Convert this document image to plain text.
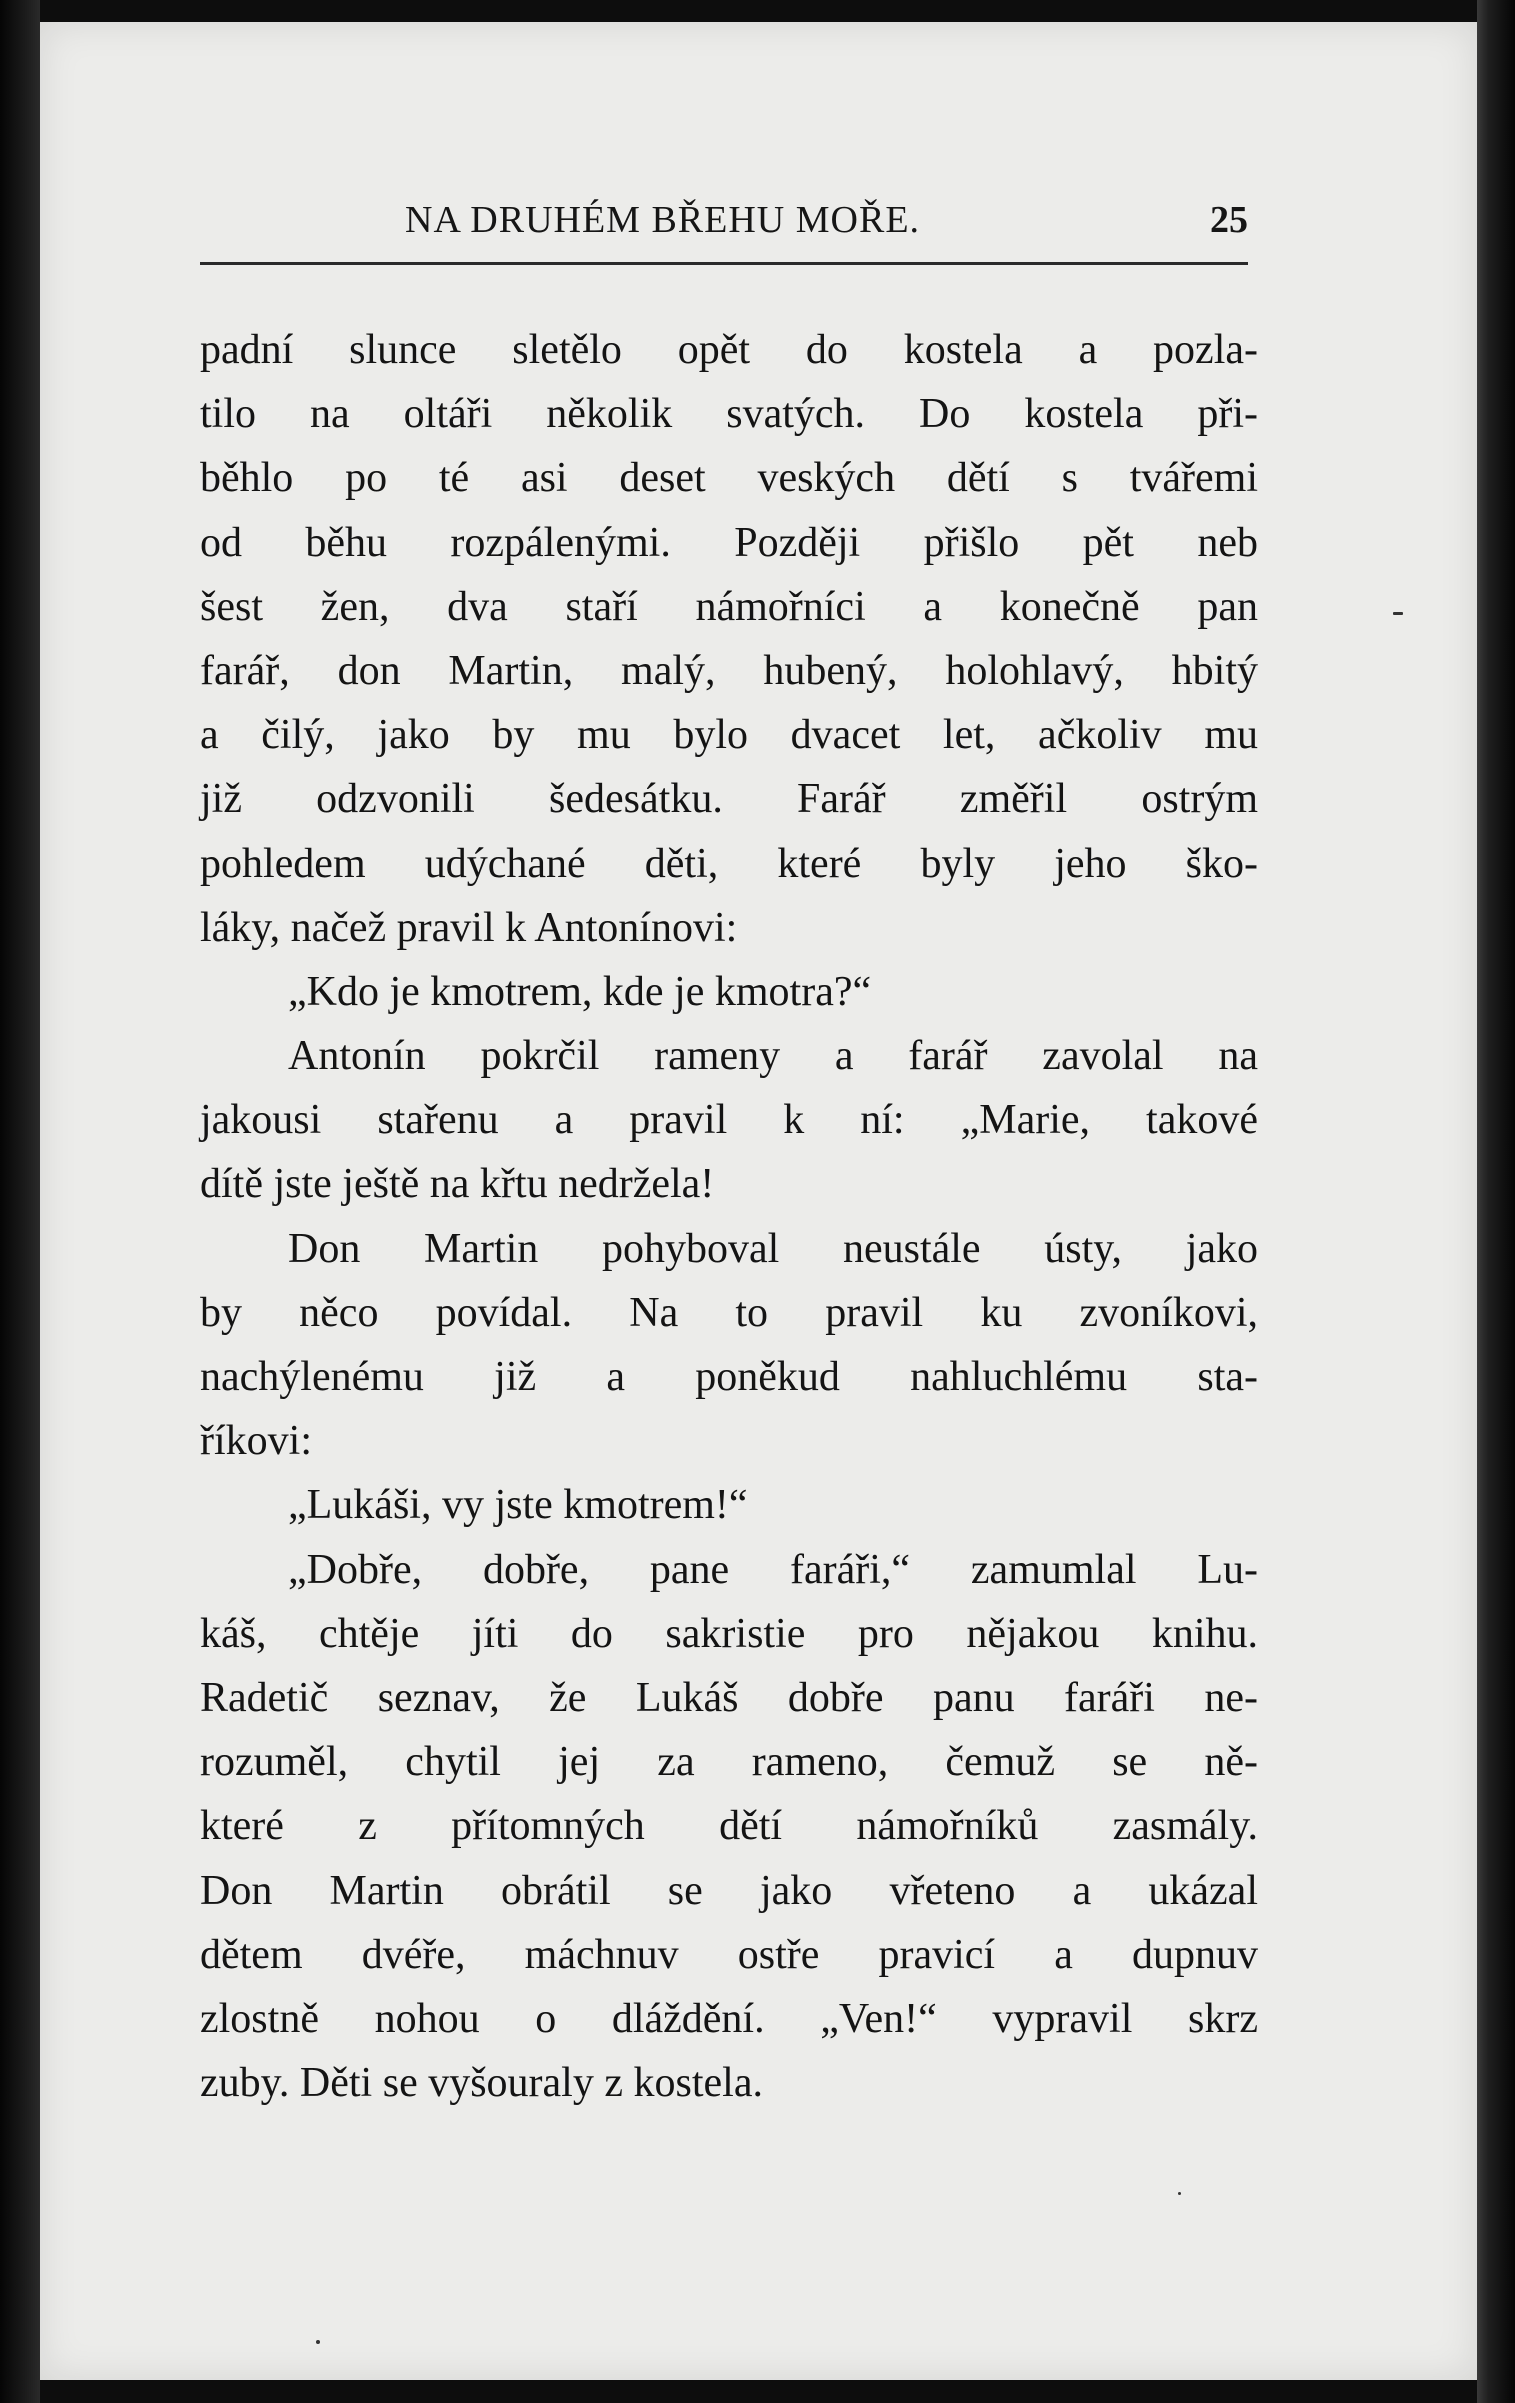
NA DRUHÉM BŘEHU MOŘE.	25
padní slunce sletělo opět do kostela a pozla-
tilo na oltáři několik svatých. Do kostela při-
běhlo po té asi deset veských dětí s tvářemi
od běhu rozpálenými. Později přišlo pět neb
šest žen, dva staří námořníci a konečně pan
farář, don Martin, malý, hubený, holohlavý, hbitý
a čilý, jako by mu bylo dvacet let, ačkoliv mu
již odzvonili šedesátku. Farář změřil ostrým
pohledem udýchané děti, které byly jeho ško-
láky, načež pravil k Antonínovi:
„Kdo je kmotrem, kde je kmotra?“
Antonín pokrčil rameny a farář zavolal na
jakousi stařenu a pravil k ní: „Marie, takové
dítě jste ještě na křtu nedržela!
Don Martin pohyboval neustále ústy, jako
by něco povídal. Na to pravil ku zvoníkovi,
nachýlenému již a poněkud nahluchlému sta-
říkovi:
„Lukáši, vy jste kmotrem!“
„Dobře, dobře, pane faráři,“ zamumlal Lu-
káš, chtěje jíti do sakristie pro nějakou knihu.
Radetič seznav, že Lukáš dobře panu faráři ne-
rozuměl, chytil jej za rameno, čemuž se ně-
které z přítomných dětí námořníků zasmály.
Don Martin obrátil se jako vřeteno a ukázal
dětem dvéře, máchnuv ostře pravicí a dupnuv
zlostně nohou o dláždění. „Ven!“ vypravil skrz
zuby. Děti se vyšouraly z kostela.
